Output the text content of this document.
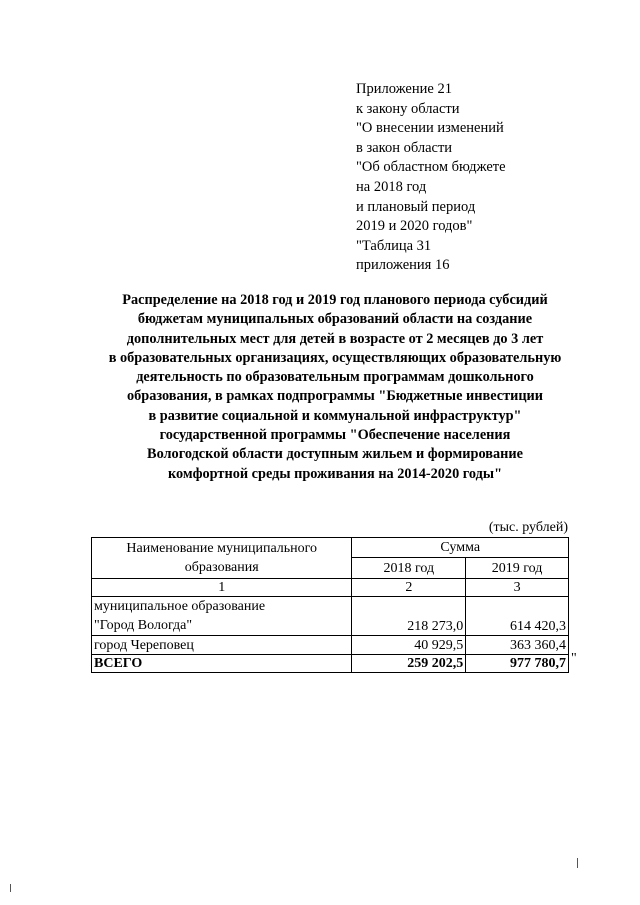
Приложение 21
к закону области
"О внесении изменений
в закон области
"Об областном бюджете
на 2018 год
и плановый период
2019 и 2020 годов"
"Таблица 31
приложения 16
Распределение на 2018 год и 2019 год планового периода субсидий
бюджетам муниципальных образований области на создание
дополнительных мест для детей в возрасте от 2 месяцев до 3 лет
в образовательных организациях, осуществляющих образовательную
деятельность по образовательным программам дошкольного
образования, в рамках подпрограммы "Бюджетные инвестиции
в развитие социальной и коммунальной инфраструктур"
государственной программы "Обеспечение населения
Вологодской области доступным жильем и формирование
комфортной среды проживания на 2014-2020 годы"
(тыс. рублей)
Наименование муниципального образования	Сумма	
	2018 год	2019 год
1	2	3

муниципальное образование
"Город Вологда"	218 273,0	614 420,3
город Череповец	40 929,5	363 360,4
ВСЕГО	259 202,5	977 780,7 "
